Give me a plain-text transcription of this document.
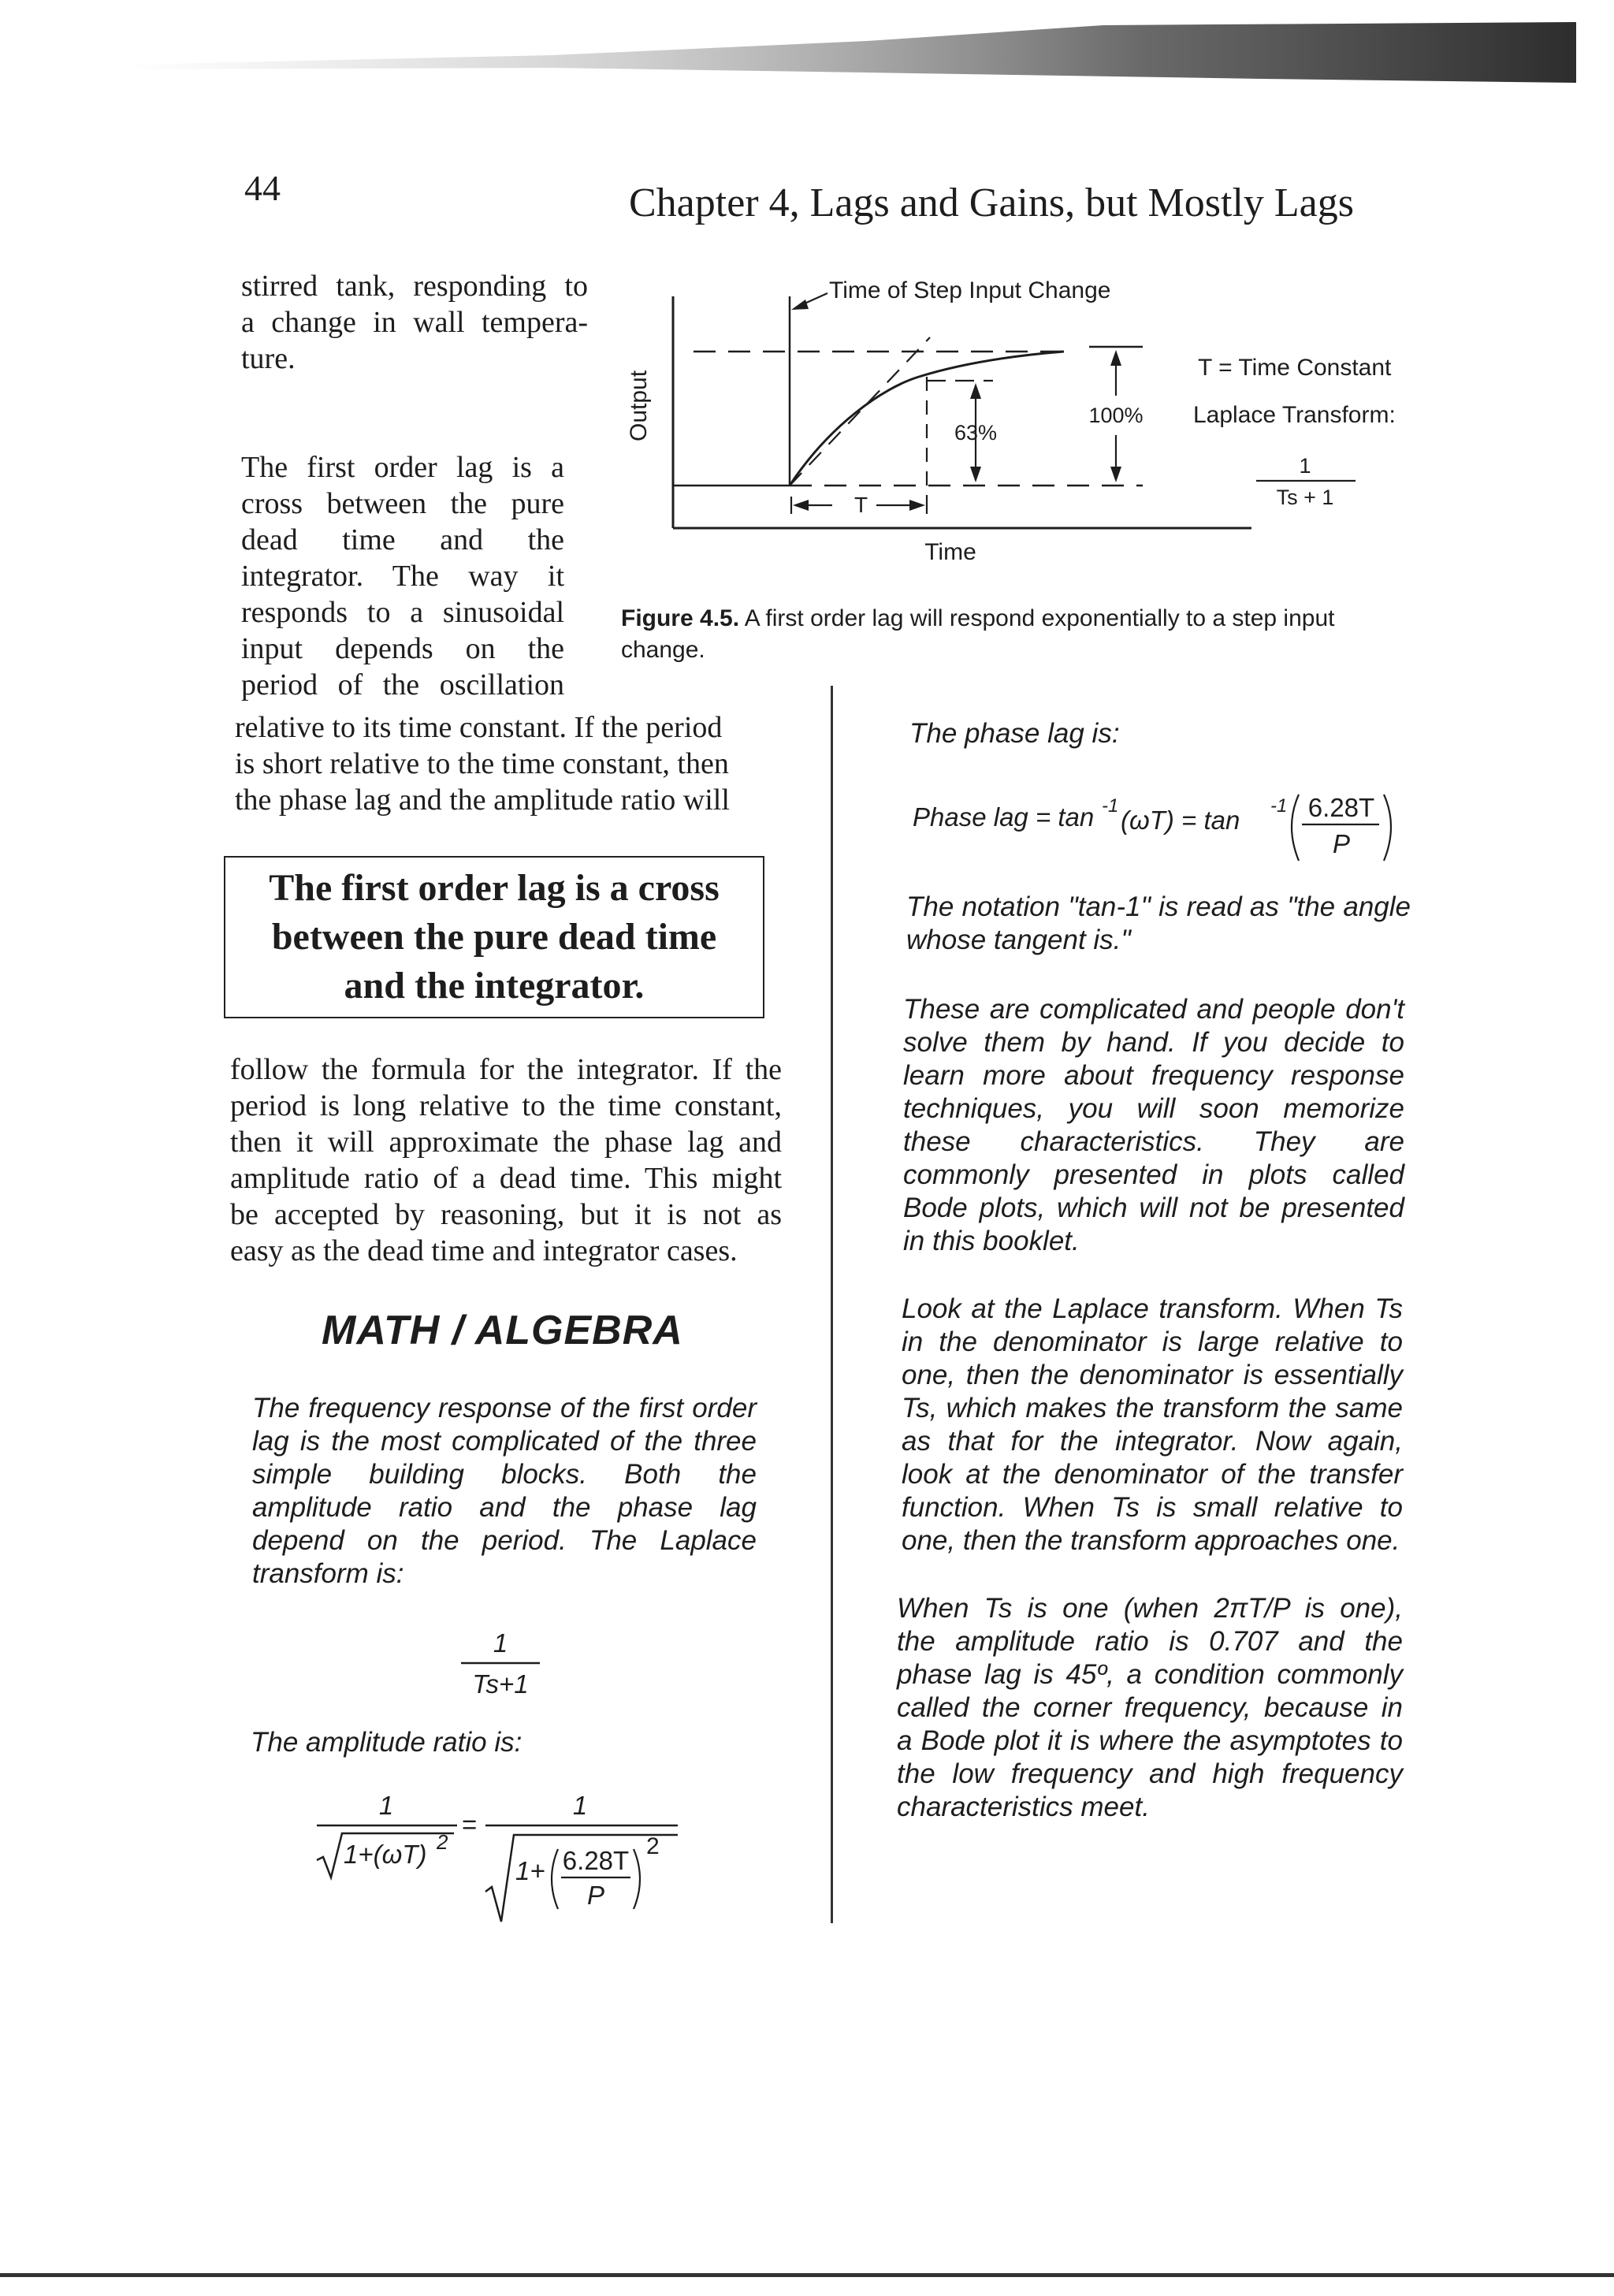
44	Chapter 4, Lags and Gains, but Mostly Lags
stirred tank, responding to
a change in wall tempera-
ture.
The first order lag is a
cross between the pure
dead time and the
integrator. The way it
responds to a sinusoidal
input depends on the
period of the oscillation
relative to its time constant. If the period
is short relative to the time constant, then
the phase lag and the amplitude ratio will
The first order lag is a cross between the pure dead time and the integrator.
follow the formula for the integrator. If the
period is long relative to the time constant,
then it will approximate the phase lag and
amplitude ratio of a dead time. This might
be accepted by reasoning, but it is not as
easy as the dead time and integrator cases.
MATH / ALGEBRA
The frequency response of the first order
lag is the most complicated of the three
simple building blocks. Both the
amplitude ratio and the phase lag
depend on the period. The Laplace
transform is:
1
Ts+1
The amplitude ratio is:
1
1+(ωT) 2
=
1
1+ 6.28T
P
2
Time of Step Input Change
Output
Time
63%
100%
T
T = Time Constant
Laplace Transform:
1
Ts + 1
Figure 4.5. A first order lag will respond exponentially to a step input change.
The phase lag is:
Phase lag = tan -1 (ωT) = tan -1 6.28T
P
The notation "tan-1" is read as "the angle
whose tangent is."
These are complicated and people don't
solve them by hand. If you decide to
learn more about frequency response
techniques, you will soon memorize
these characteristics. They are
commonly presented in plots called
Bode plots, which will not be presented
in this booklet.
Look at the Laplace transform. When Ts
in the denominator is large relative to
one, then the denominator is essentially
Ts, which makes the transform the same
as that for the integrator. Now again,
look at the denominator of the transfer
function. When Ts is small relative to
one, then the transform approaches one.
When Ts is one (when 2πT/P is one),
the amplitude ratio is 0.707 and the
phase lag is 45º, a condition commonly
called the corner frequency, because in
a Bode plot it is where the asymptotes to
the low frequency and high frequency
characteristics meet.
